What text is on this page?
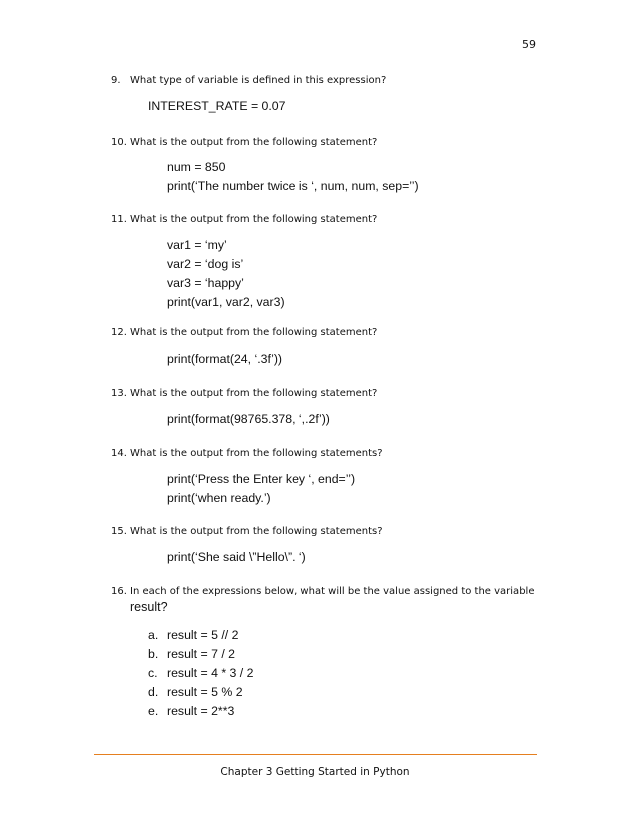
59
9. What type of variable is defined in this expression?
INTEREST_RATE = 0.07
10. What is the output from the following statement?
num = 850
print(‘The number twice is ‘, num, num, sep=’’)
11. What is the output from the following statement?
var1 = ‘my’
var2 = ‘dog is’
var3 = ‘happy’
print(var1, var2, var3)
12. What is the output from the following statement?
print(format(24, ‘.3f’))
13. What is the output from the following statement?
print(format(98765.378, ‘,.2f’))
14. What is the output from the following statements?
print(‘Press the Enter key ‘, end=’’)
print(‘when ready.’)
15. What is the output from the following statements?
print(‘She said \”Hello\”. ‘)
16. In each of the expressions below, what will be the value assigned to the variable
result?
a. result = 5 // 2
b. result = 7 / 2
c. result = 4 * 3 / 2
d. result = 5 % 2
e. result = 2**3
Chapter 3 Getting Started in Python
